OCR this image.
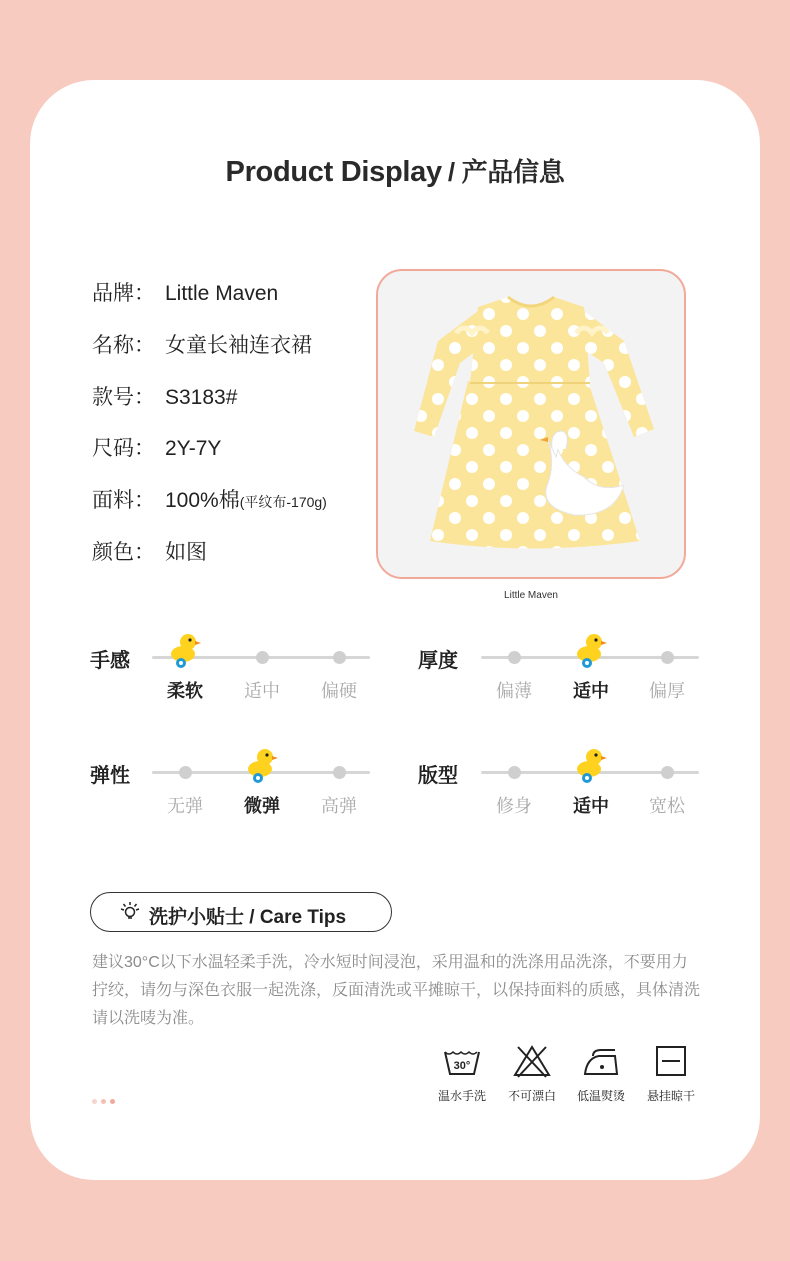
Product Display / 产品信息
品牌： Little Maven
名称： 女童长袖连衣裙
款号： S3183#
尺码： 2Y-7Y
面料： 100%棉(平纹布-170g)
颜色： 如图
Little Maven
手感
柔软	适中	偏硬
厚度
偏薄	适中	偏厚
弹性
无弹	微弹	高弹
版型
修身	适中	宽松
洗护小贴士 / Care Tips
建议30°C以下水温轻柔手洗，冷水短时间浸泡，采用温和的洗涤用品洗涤，不要用力拧绞，请勿与深色衣服一起洗涤，反面清洗或平摊晾干，以保持面料的质感，具体清洗请以洗唛为准。
30°
温水手洗	不可漂白	低温熨烫	悬挂晾干
